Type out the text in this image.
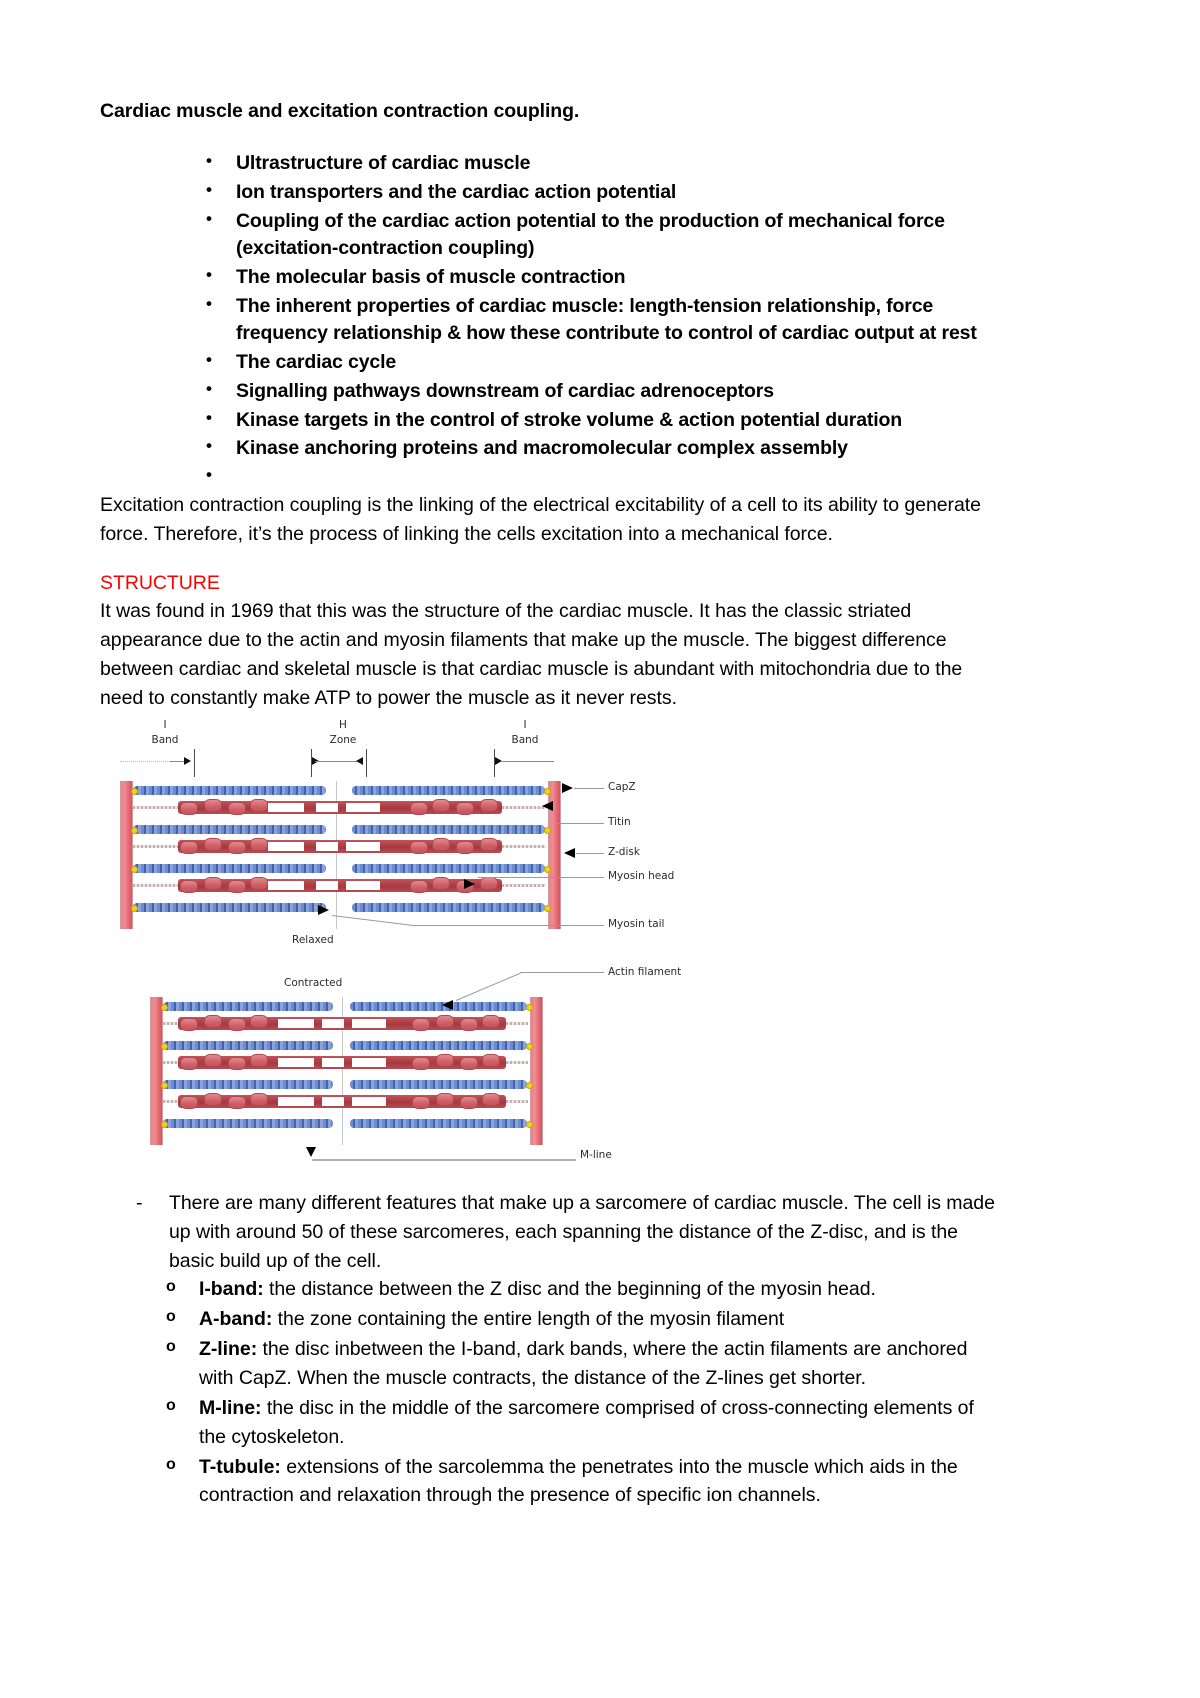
Cardiac muscle and excitation contraction coupling.
• Ultrastructure of cardiac muscle
• Ion transporters and the cardiac action potential
• Coupling of the cardiac action potential to the production of mechanical force (excitation-contraction coupling)
• The molecular basis of muscle contraction
• The inherent properties of cardiac muscle: length-tension relationship, force frequency relationship & how these contribute to control of cardiac output at rest
• The cardiac cycle
• Signalling pathways downstream of cardiac adrenoceptors
• Kinase targets in the control of stroke volume & action potential duration
• Kinase anchoring proteins and macromolecular complex assembly
•

Excitation contraction coupling is the linking of the electrical excitability of a cell to its ability to generate force. Therefore, it’s the process of linking the cells excitation into a mechanical force.

STRUCTURE

It was found in 1969 that this was the structure of the cardiac muscle. It has the classic striated appearance due to the actin and myosin filaments that make up the muscle. The biggest difference between cardiac and skeletal muscle is that cardiac muscle is abundant with mitochondria due to the need to constantly make ATP to power the muscle as it never rests.

I
Band
H
Zone
I
Band
Relaxed
Contracted
CapZ
Titin
Z-disk
Myosin head
Myosin tail
Actin filament
M-line
- There are many different features that make up a sarcomere of cardiac muscle. The cell is made up with around 50 of these sarcomeres, each spanning the distance of the Z-disc, and is the basic build up of the cell.
o I-band: the distance between the Z disc and the beginning of the myosin head.
o A-band: the zone containing the entire length of the myosin filament
o Z-line: the disc inbetween the I-band, dark bands, where the actin filaments are anchored with CapZ. When the muscle contracts, the distance of the Z-lines get shorter.
o M-line: the disc in the middle of the sarcomere comprised of cross-connecting elements of the cytoskeleton.
o T-tubule: extensions of the sarcolemma the penetrates into the muscle which aids in the contraction and relaxation through the presence of specific ion channels.
